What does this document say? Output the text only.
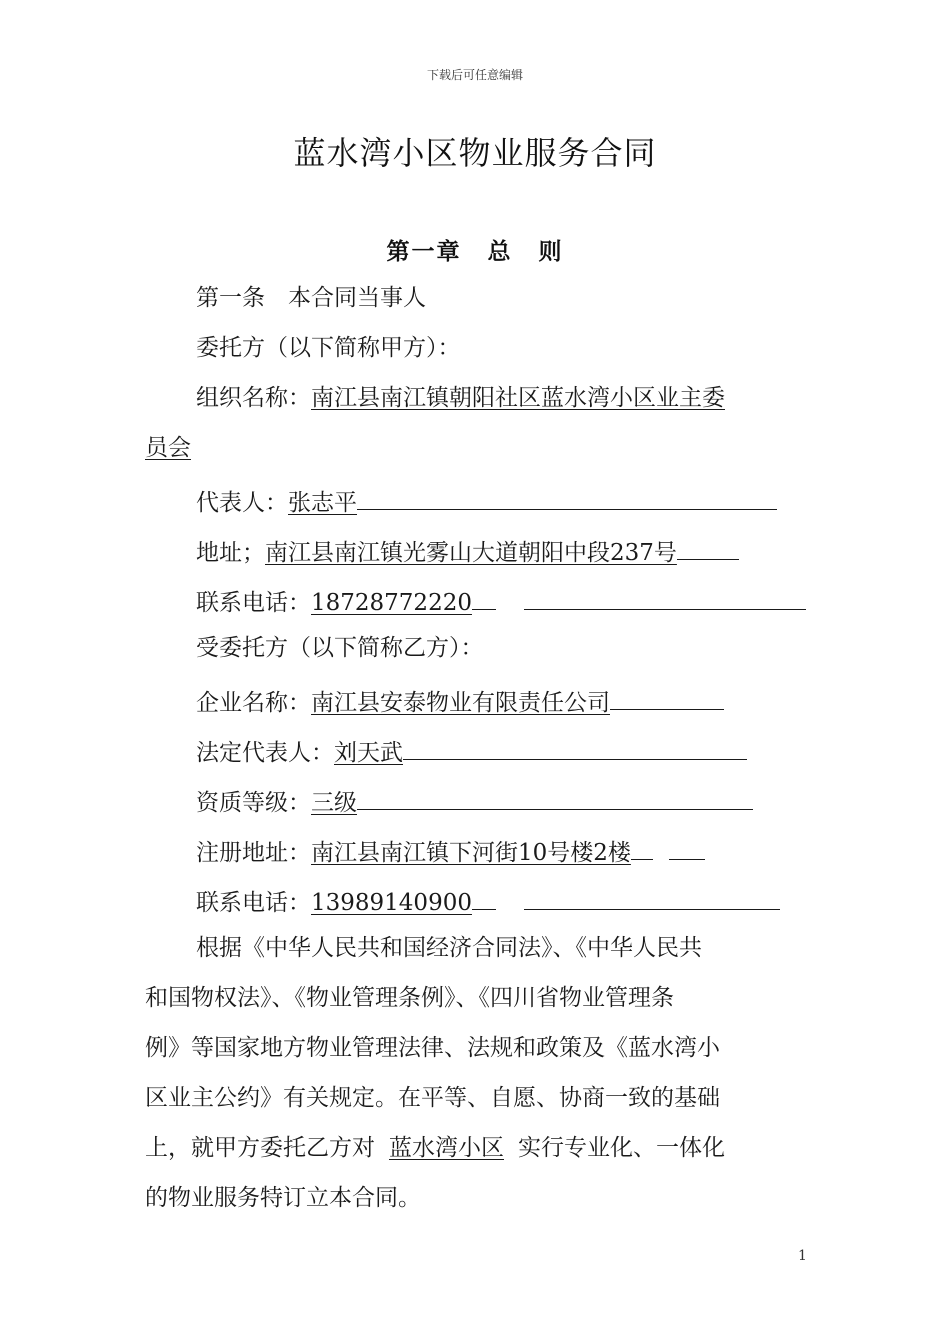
下载后可任意编辑
蓝水湾小区物业服务合同
第一章 总 则
第一条　本合同当事人
委托方（以下简称甲方）：
组织名称：南江县南江镇朝阳社区蓝水湾小区业主委
员会
代表人：张志平
地址；南江县南江镇光雾山大道朝阳中段237号
联系电话：18728772220
受委托方（以下简称乙方）：
企业名称：南江县安泰物业有限责任公司
法定代表人：刘天武
资质等级：三级
注册地址：南江县南江镇下河街10号楼2楼
联系电话：13989140900
根据《中华人民共和国经济合同法》、《中华人民共
和国物权法》、《物业管理条例》、《四川省物业管理条
例》等国家地方物业管理法律、法规和政策及《蓝水湾小
区业主公约》有关规定。在平等、自愿、协商一致的基础
上，就甲方委托乙方对 蓝水湾小区 实行专业化、一体化
的物业服务特订立本合同。
1
